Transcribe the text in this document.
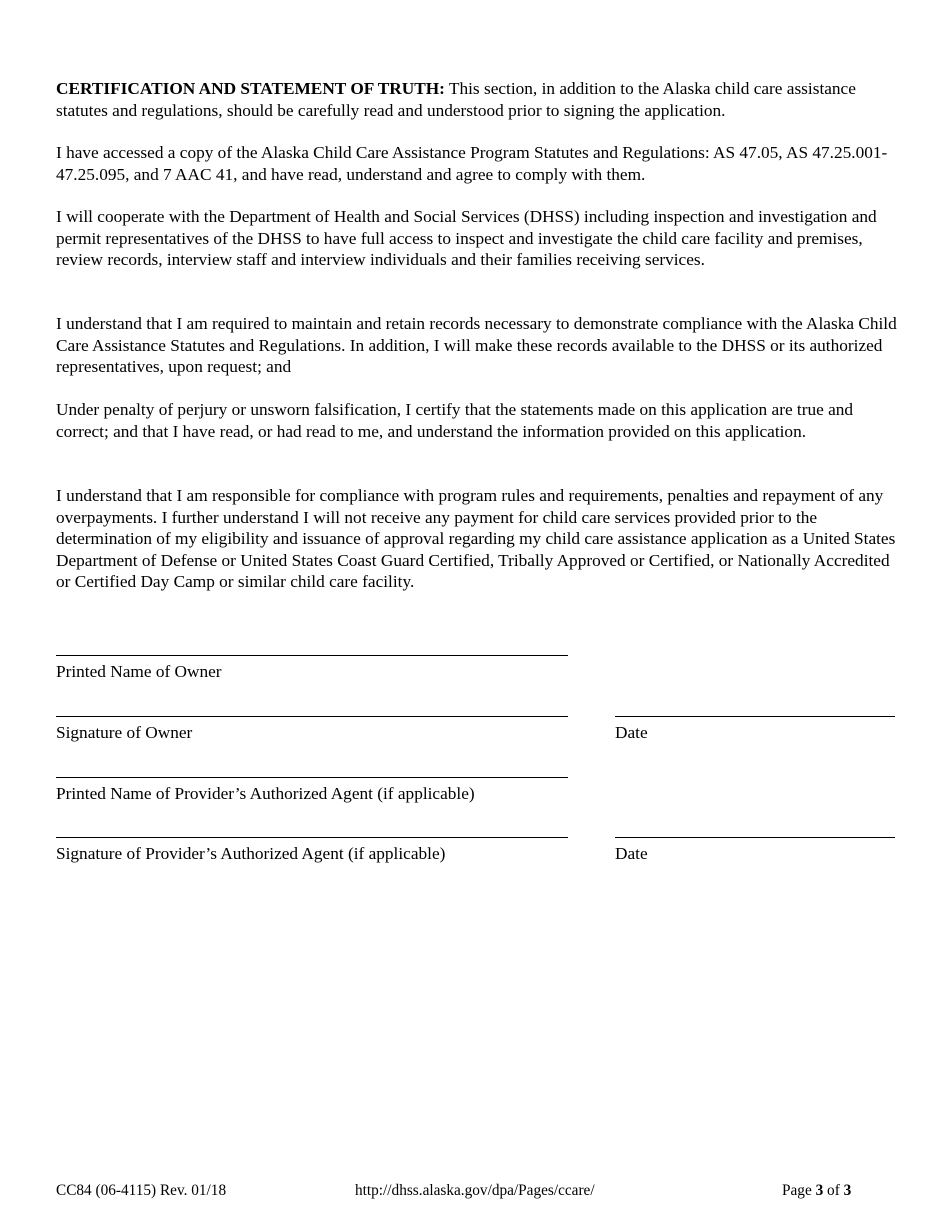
CERTIFICATION AND STATEMENT OF TRUTH: This section, in addition to the Alaska child care assistance statutes and regulations, should be carefully read and understood prior to signing the application.

I have accessed a copy of the Alaska Child Care Assistance Program Statutes and Regulations: AS 47.05, AS 47.25.001- 47.25.095, and 7 AAC 41, and have read, understand and agree to comply with them.

I will cooperate with the Department of Health and Social Services (DHSS) including inspection and investigation and permit representatives of the DHSS to have full access to inspect and investigate the child care facility and premises, review records, interview staff and interview individuals and their families receiving services.

I understand that I am required to maintain and retain records necessary to demonstrate compliance with the Alaska Child Care Assistance Statutes and Regulations. In addition, I will make these records available to the DHSS or its authorized representatives, upon request; and

Under penalty of perjury or unsworn falsification, I certify that the statements made on this application are true and correct; and that I have read, or had read to me, and understand the information provided on this application.

I understand that I am responsible for compliance with program rules and requirements, penalties and repayment of any overpayments. I further understand I will not receive any payment for child care services provided prior to the determination of my eligibility and issuance of approval regarding my child care assistance application as a United States Department of Defense or United States Coast Guard Certified, Tribally Approved or Certified, or Nationally Accredited or Certified Day Camp or similar child care facility.

Printed Name of Owner
Signature of Owner	Date
Printed Name of Provider’s Authorized Agent (if applicable)
Signature of Provider’s Authorized Agent (if applicable)	Date
CC84 (06-4115) Rev. 01/18	http://dhss.alaska.gov/dpa/Pages/ccare/	Page 3 of 3
